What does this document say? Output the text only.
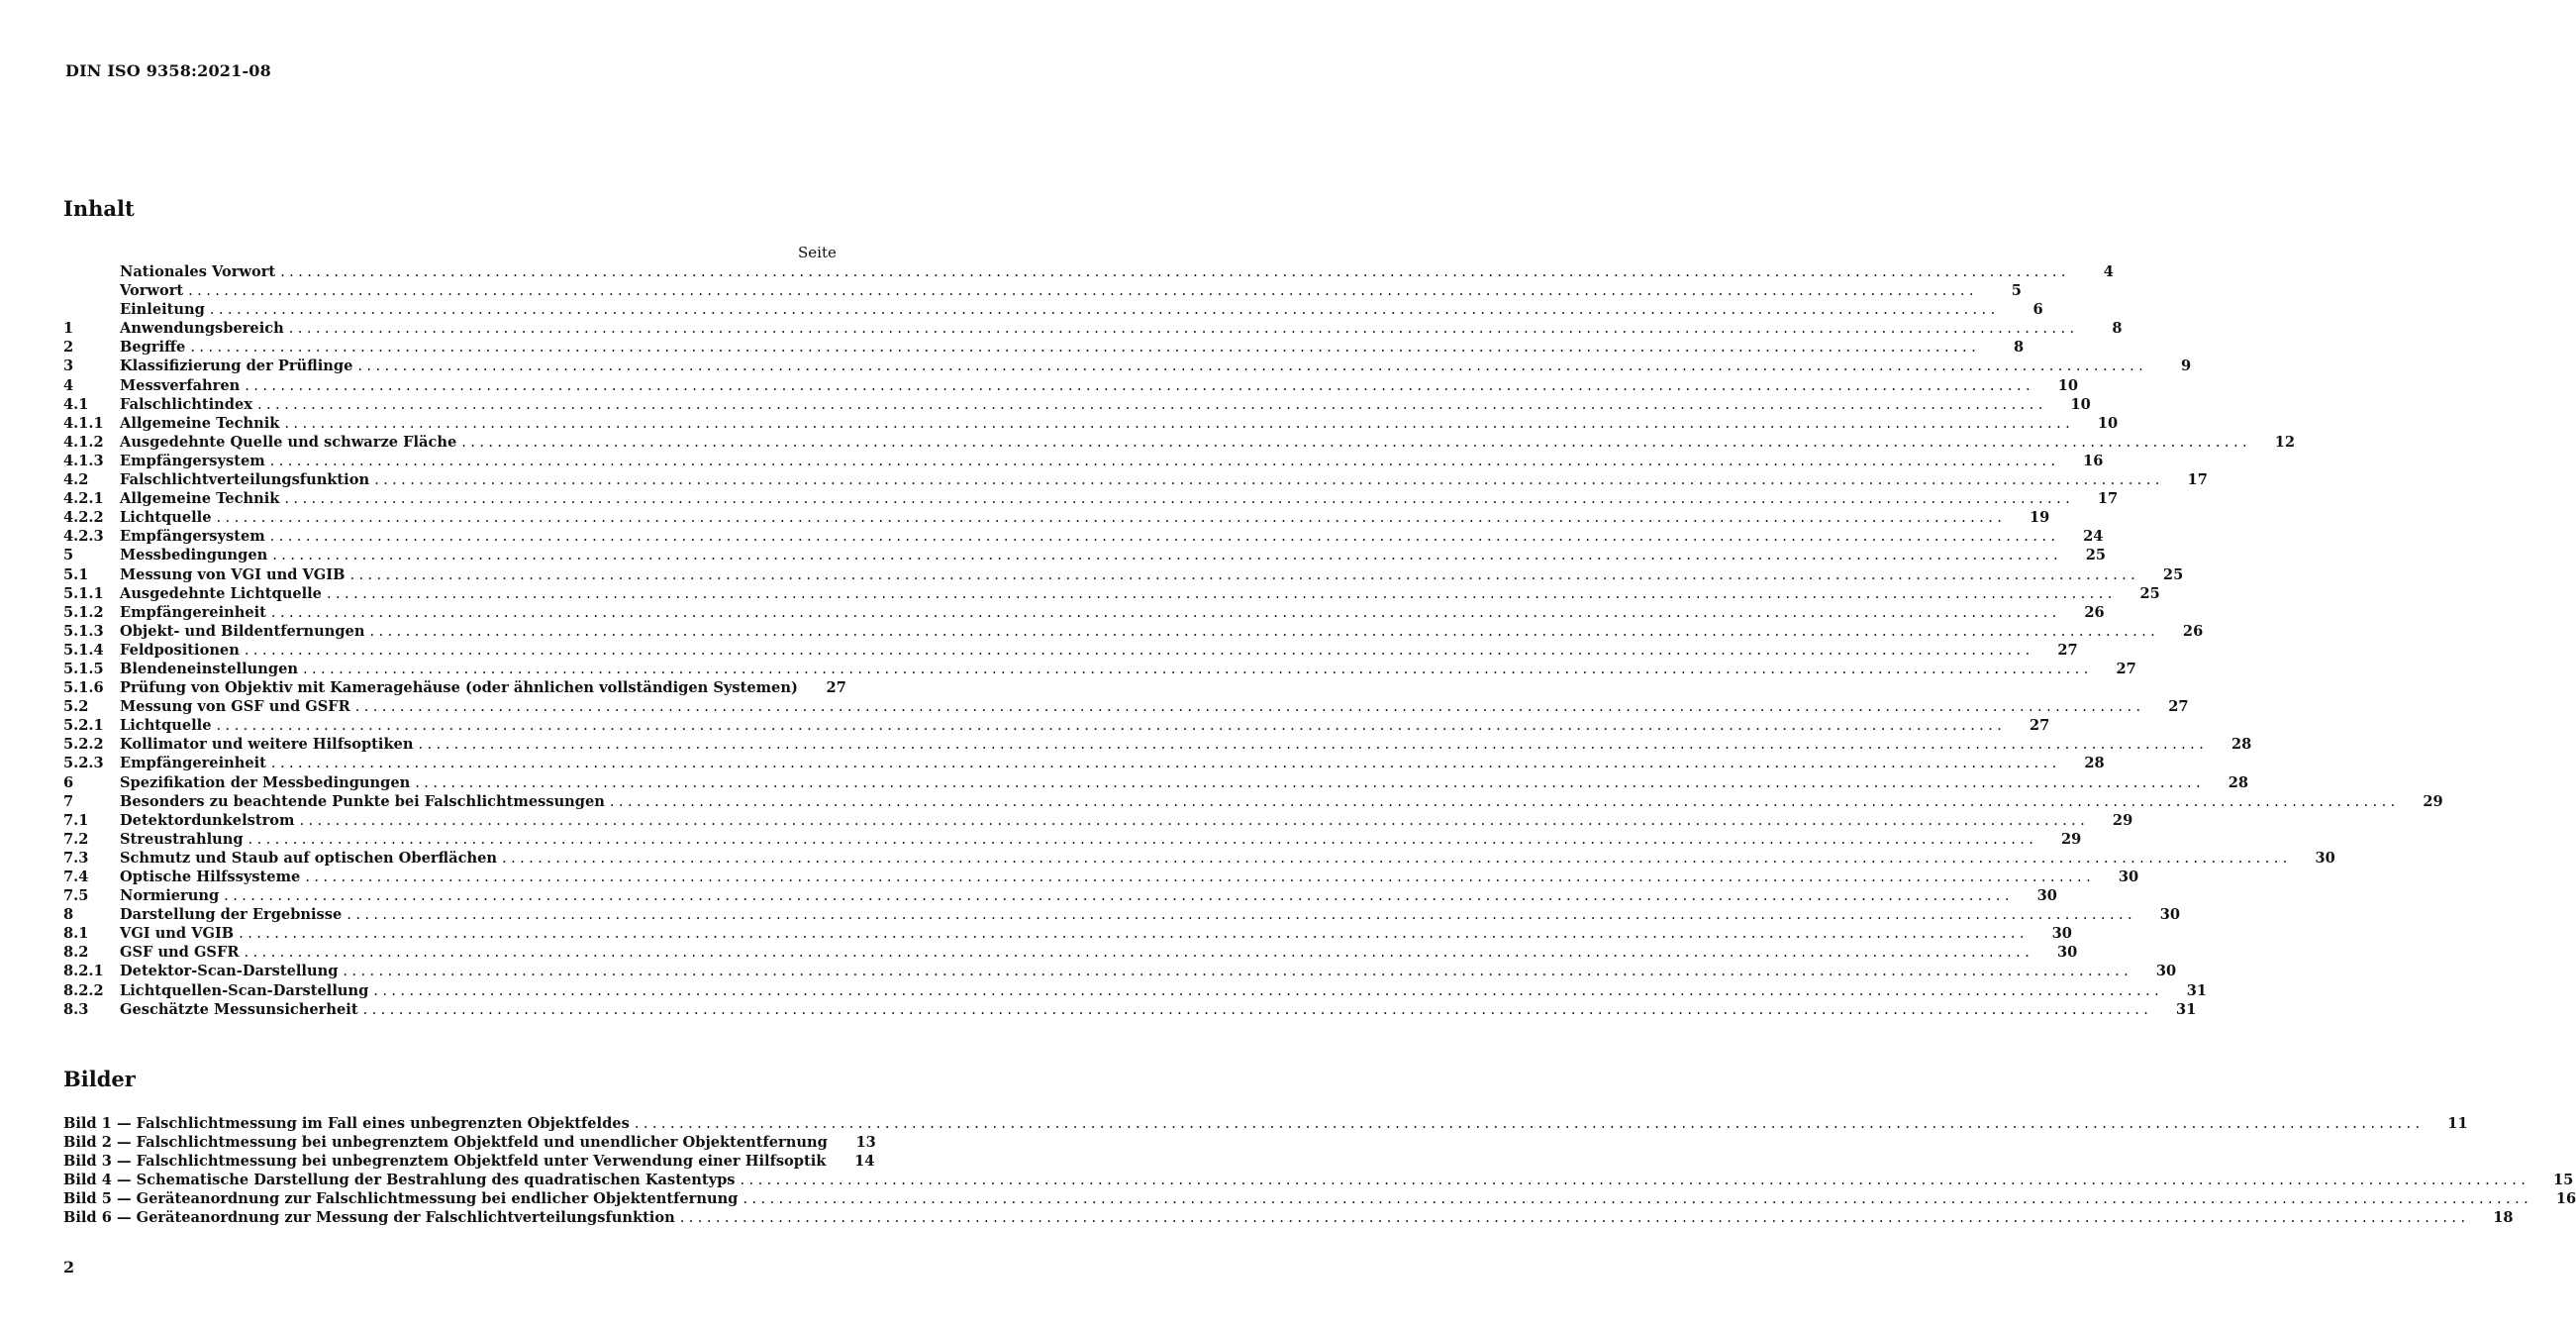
DIN ISO 9358:2021-08
Inhalt
Seite
Nationales Vorwort ........................................................................................................................................................................................................	4
Vorwort ........................................................................................................................................................................................................	5
Einleitung ........................................................................................................................................................................................................	6
1	Anwendungsbereich ........................................................................................................................................................................................................	8
2	Begriffe ........................................................................................................................................................................................................	8
3	Klassifizierung der Prüflinge ........................................................................................................................................................................................................	9
4	Messverfahren ........................................................................................................................................................................................................	10
4.1	Falschlichtindex ........................................................................................................................................................................................................	10
4.1.1	Allgemeine Technik ........................................................................................................................................................................................................	10
4.1.2	Ausgedehnte Quelle und schwarze Fläche ........................................................................................................................................................................................................	12
4.1.3	Empfängersystem ........................................................................................................................................................................................................	16
4.2	Falschlichtverteilungsfunktion ........................................................................................................................................................................................................	17
4.2.1	Allgemeine Technik ........................................................................................................................................................................................................	17
4.2.2	Lichtquelle ........................................................................................................................................................................................................	19
4.2.3	Empfängersystem ........................................................................................................................................................................................................	24
5	Messbedingungen ........................................................................................................................................................................................................	25
5.1	Messung von VGI und VGIB ........................................................................................................................................................................................................	25
5.1.1	Ausgedehnte Lichtquelle ........................................................................................................................................................................................................	25
5.1.2	Empfängereinheit ........................................................................................................................................................................................................	26
5.1.3	Objekt- und Bildentfernungen ........................................................................................................................................................................................................	26
5.1.4	Feldpositionen ........................................................................................................................................................................................................	27
5.1.5	Blendeneinstellungen ........................................................................................................................................................................................................	27
5.1.6	Prüfung von Objektiv mit Kameragehäuse (oder ähnlichen vollständigen Systemen)	27
5.2	Messung von GSF und GSFR ........................................................................................................................................................................................................	27
5.2.1	Lichtquelle ........................................................................................................................................................................................................	27
5.2.2	Kollimator und weitere Hilfsoptiken ........................................................................................................................................................................................................	28
5.2.3	Empfängereinheit ........................................................................................................................................................................................................	28
6	Spezifikation der Messbedingungen ........................................................................................................................................................................................................	28
7	Besonders zu beachtende Punkte bei Falschlichtmessungen ........................................................................................................................................................................................................	29
7.1	Detektordunkelstrom ........................................................................................................................................................................................................	29
7.2	Streustrahlung ........................................................................................................................................................................................................	29
7.3	Schmutz und Staub auf optischen Oberflächen ........................................................................................................................................................................................................	30
7.4	Optische Hilfssysteme ........................................................................................................................................................................................................	30
7.5	Normierung ........................................................................................................................................................................................................	30
8	Darstellung der Ergebnisse ........................................................................................................................................................................................................	30
8.1	VGI und VGIB ........................................................................................................................................................................................................	30
8.2	GSF und GSFR ........................................................................................................................................................................................................	30
8.2.1	Detektor-Scan-Darstellung ........................................................................................................................................................................................................	30
8.2.2	Lichtquellen-Scan-Darstellung ........................................................................................................................................................................................................	31
8.3	Geschätzte Messunsicherheit ........................................................................................................................................................................................................	31
Bilder
Bild 1 — Falschlichtmessung im Fall eines unbegrenzten Objektfeldes ........................................................................................................................................................................................................	11
Bild 2 — Falschlichtmessung bei unbegrenztem Objektfeld und unendlicher Objektentfernung	13
Bild 3 — Falschlichtmessung bei unbegrenztem Objektfeld unter Verwendung einer Hilfsoptik	14
Bild 4 — Schematische Darstellung der Bestrahlung des quadratischen Kastentyps ........................................................................................................................................................................................................	15
Bild 5 — Geräteanordnung zur Falschlichtmessung bei endlicher Objektentfernung ........................................................................................................................................................................................................	16
Bild 6 — Geräteanordnung zur Messung der Falschlichtverteilungsfunktion ........................................................................................................................................................................................................	18
2
